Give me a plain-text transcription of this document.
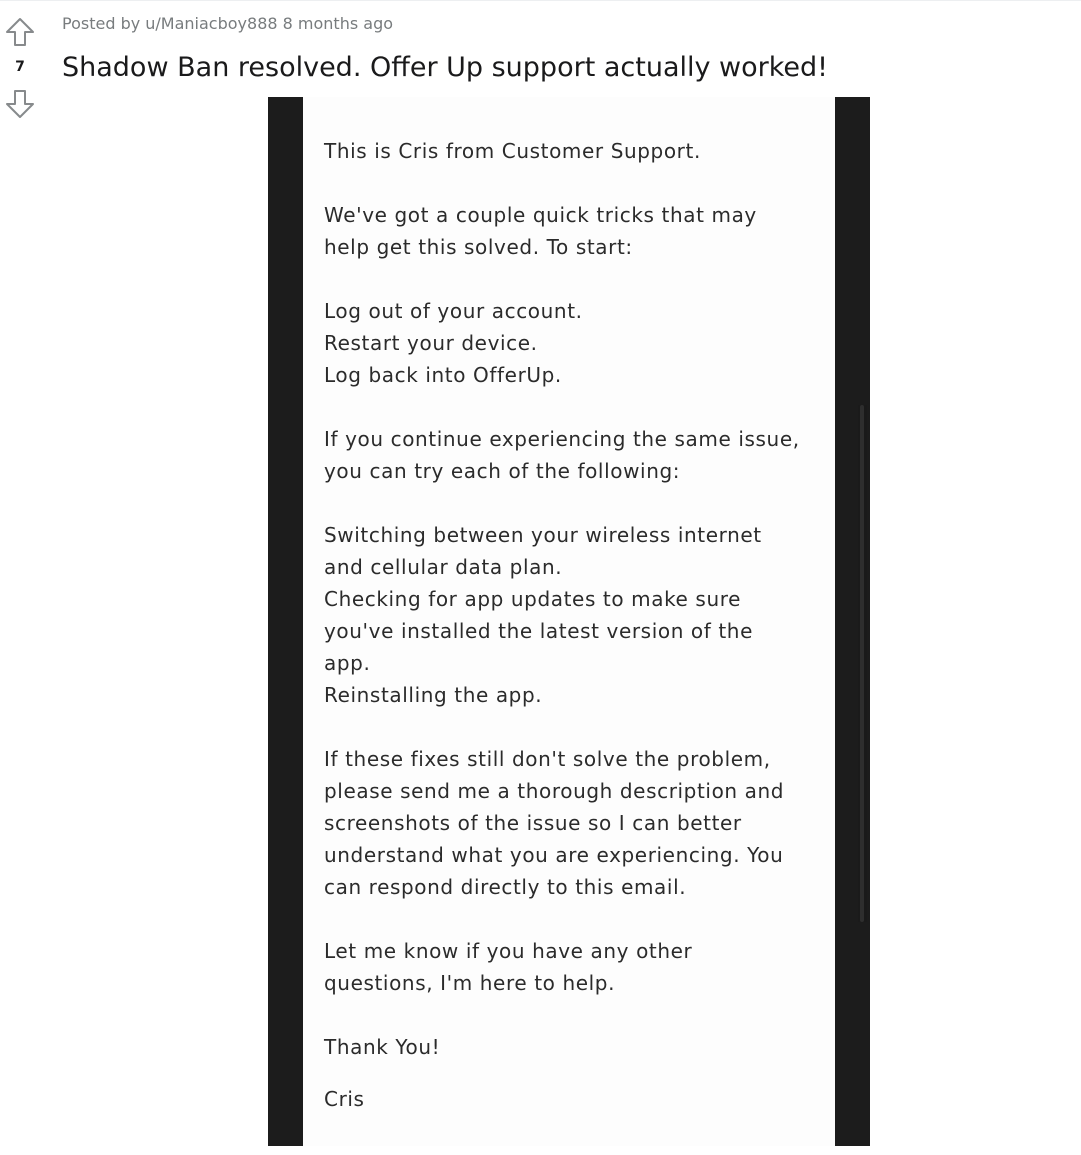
7
Posted by u/Maniacboy888 8 months ago
Shadow Ban resolved. Offer Up support actually worked!

This is Cris from Customer Support.

We've got a couple quick tricks that may
help get this solved. To start:

Log out of your account.
Restart your device.
Log back into OfferUp.

If you continue experiencing the same issue,
you can try each of the following:

Switching between your wireless internet
and cellular data plan.
Checking for app updates to make sure
you've installed the latest version of the
app.
Reinstalling the app.

If these fixes still don't solve the problem,
please send me a thorough description and
screenshots of the issue so I can better
understand what you are experiencing. You
can respond directly to this email.

Let me know if you have any other
questions, I'm here to help.

Thank You!

Cris
